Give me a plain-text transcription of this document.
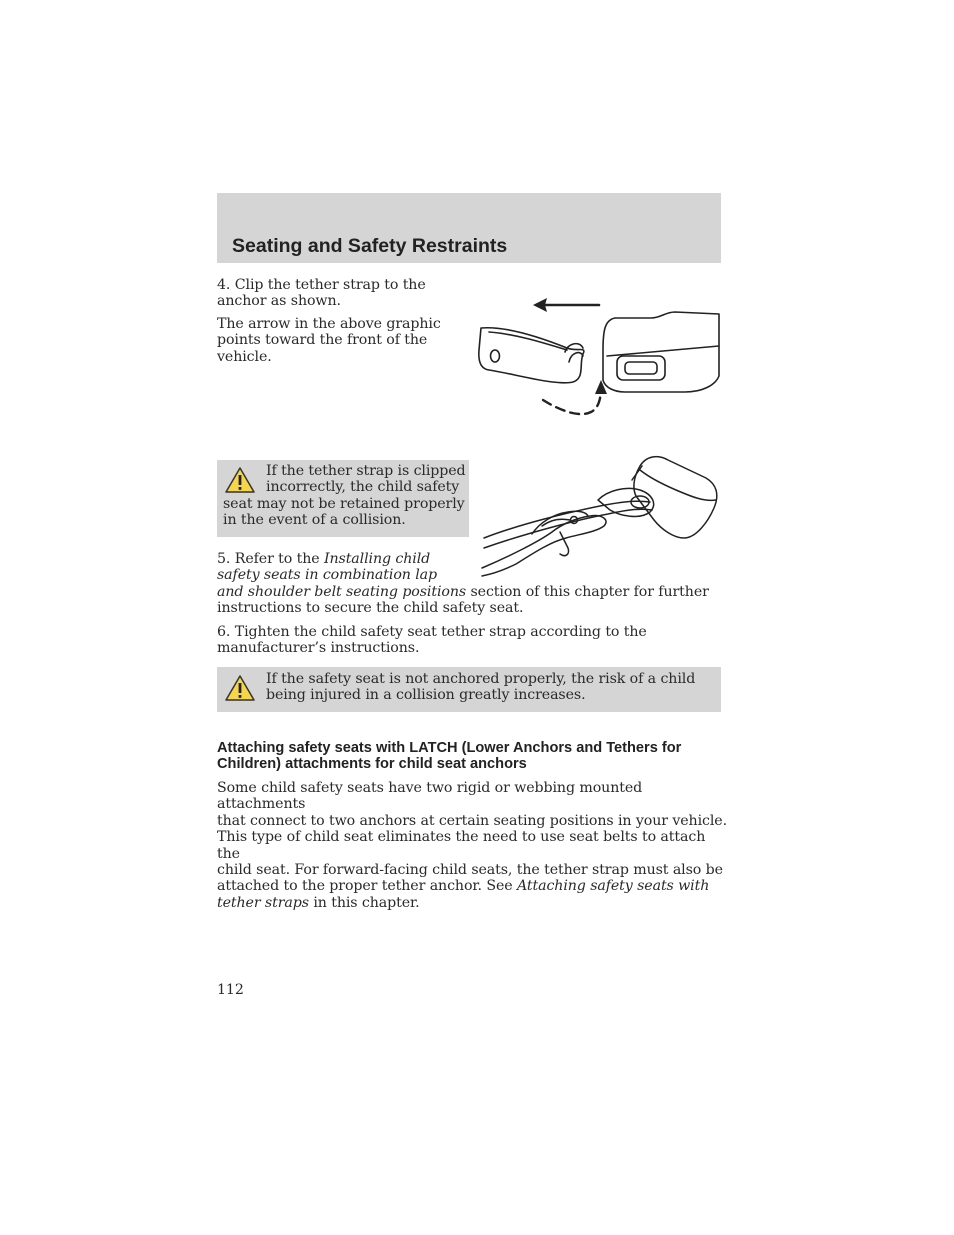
Seating and Safety Restraints

4. Clip the tether strap to the

anchor as shown.

The arrow in the above graphic

points toward the front of the

vehicle.

If the tether strap is clipped

incorrectly, the child safety

seat may not be retained properly

in the event of a collision.

5. Refer to the Installing child

safety seats in combination lap

and shoulder belt seating positions section of this chapter for further

instructions to secure the child safety seat.

6. Tighten the child safety seat tether strap according to the

manufacturer’s instructions.

If the safety seat is not anchored properly, the risk of a child

being injured in a collision greatly increases.

Attaching safety seats with LATCH (Lower Anchors and Tethers for
Children) attachments for child seat anchors

Some child safety seats have two rigid or webbing mounted attachments

that connect to two anchors at certain seating positions in your vehicle.

This type of child seat eliminates the need to use seat belts to attach the

child seat. For forward-facing child seats, the tether strap must also be

attached to the proper tether anchor. See Attaching safety seats with

tether straps in this chapter.

112
